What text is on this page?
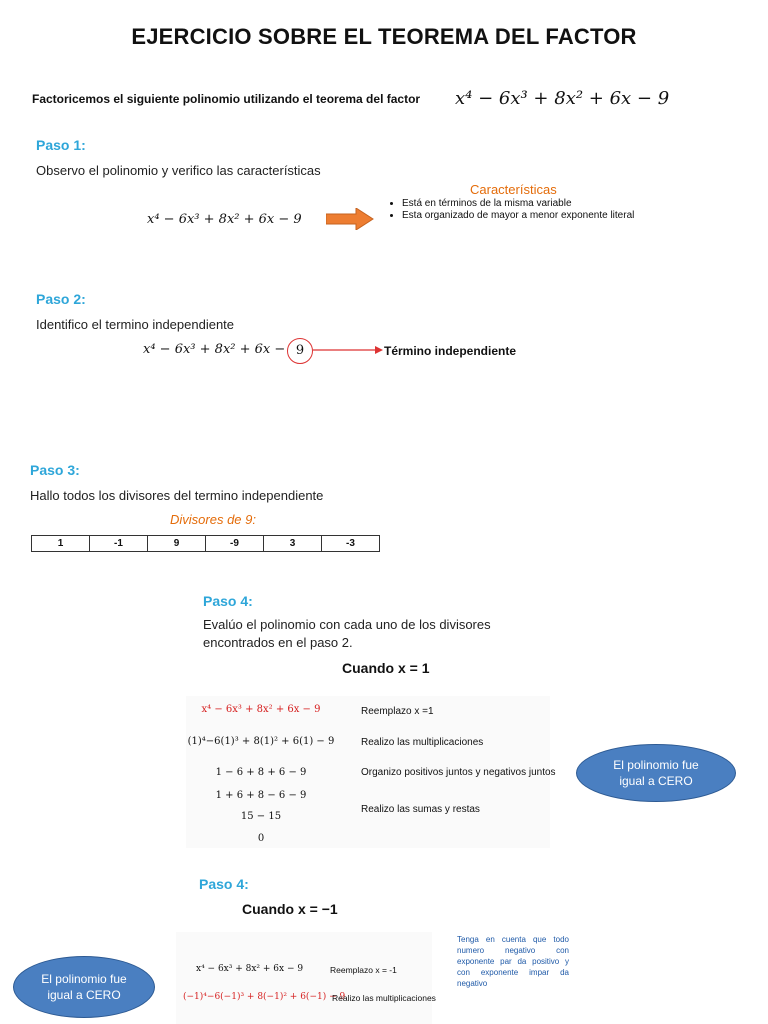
EJERCICIO SOBRE EL TEOREMA DEL FACTOR
Factoricemos el siguiente polinomio utilizando el teorema del factor x⁴ − 6x³ + 8x² + 6x − 9
Paso 1:
Observo el polinomio y verifico las características
x⁴ − 6x³ + 8x² + 6x − 9
Características
• Está en términos de la misma variable
• Esta organizado de mayor a menor exponente literal
Paso 2:
Identifico el termino independiente
x⁴ − 6x³ + 8x² + 6x − 9	Término independiente
Paso 3:
Hallo todos los divisores del termino independiente
Divisores de 9:
1	-1	9	-9	3	-3
Paso 4:
Evalúo el polinomio con cada uno de los divisores
encontrados en el paso 2.
Cuando x = 1
x⁴ − 6x³ + 8x² + 6x − 9	Reemplazo x =1
(1)⁴−6(1)³ + 8(1)² + 6(1) − 9	Realizo las multiplicaciones
1 − 6 + 8 + 6 − 9	Organizo positivos juntos y negativos juntos
1 + 6 + 8 − 6 − 9
15 − 15
Realizo las sumas y restas
0
El polinomio fue igual a CERO
Paso 4:
Cuando x = −1
x⁴ − 6x³ + 8x² + 6x − 9	Reemplazo x = -1
(−1)⁴−6(−1)³ + 8(−1)² + 6(−1) − 9
Realizo las multiplicaciones
Tenga en cuenta que todo numero negativo con exponente par da positivo y con exponente impar da negativo
El polinomio fue igual a CERO
